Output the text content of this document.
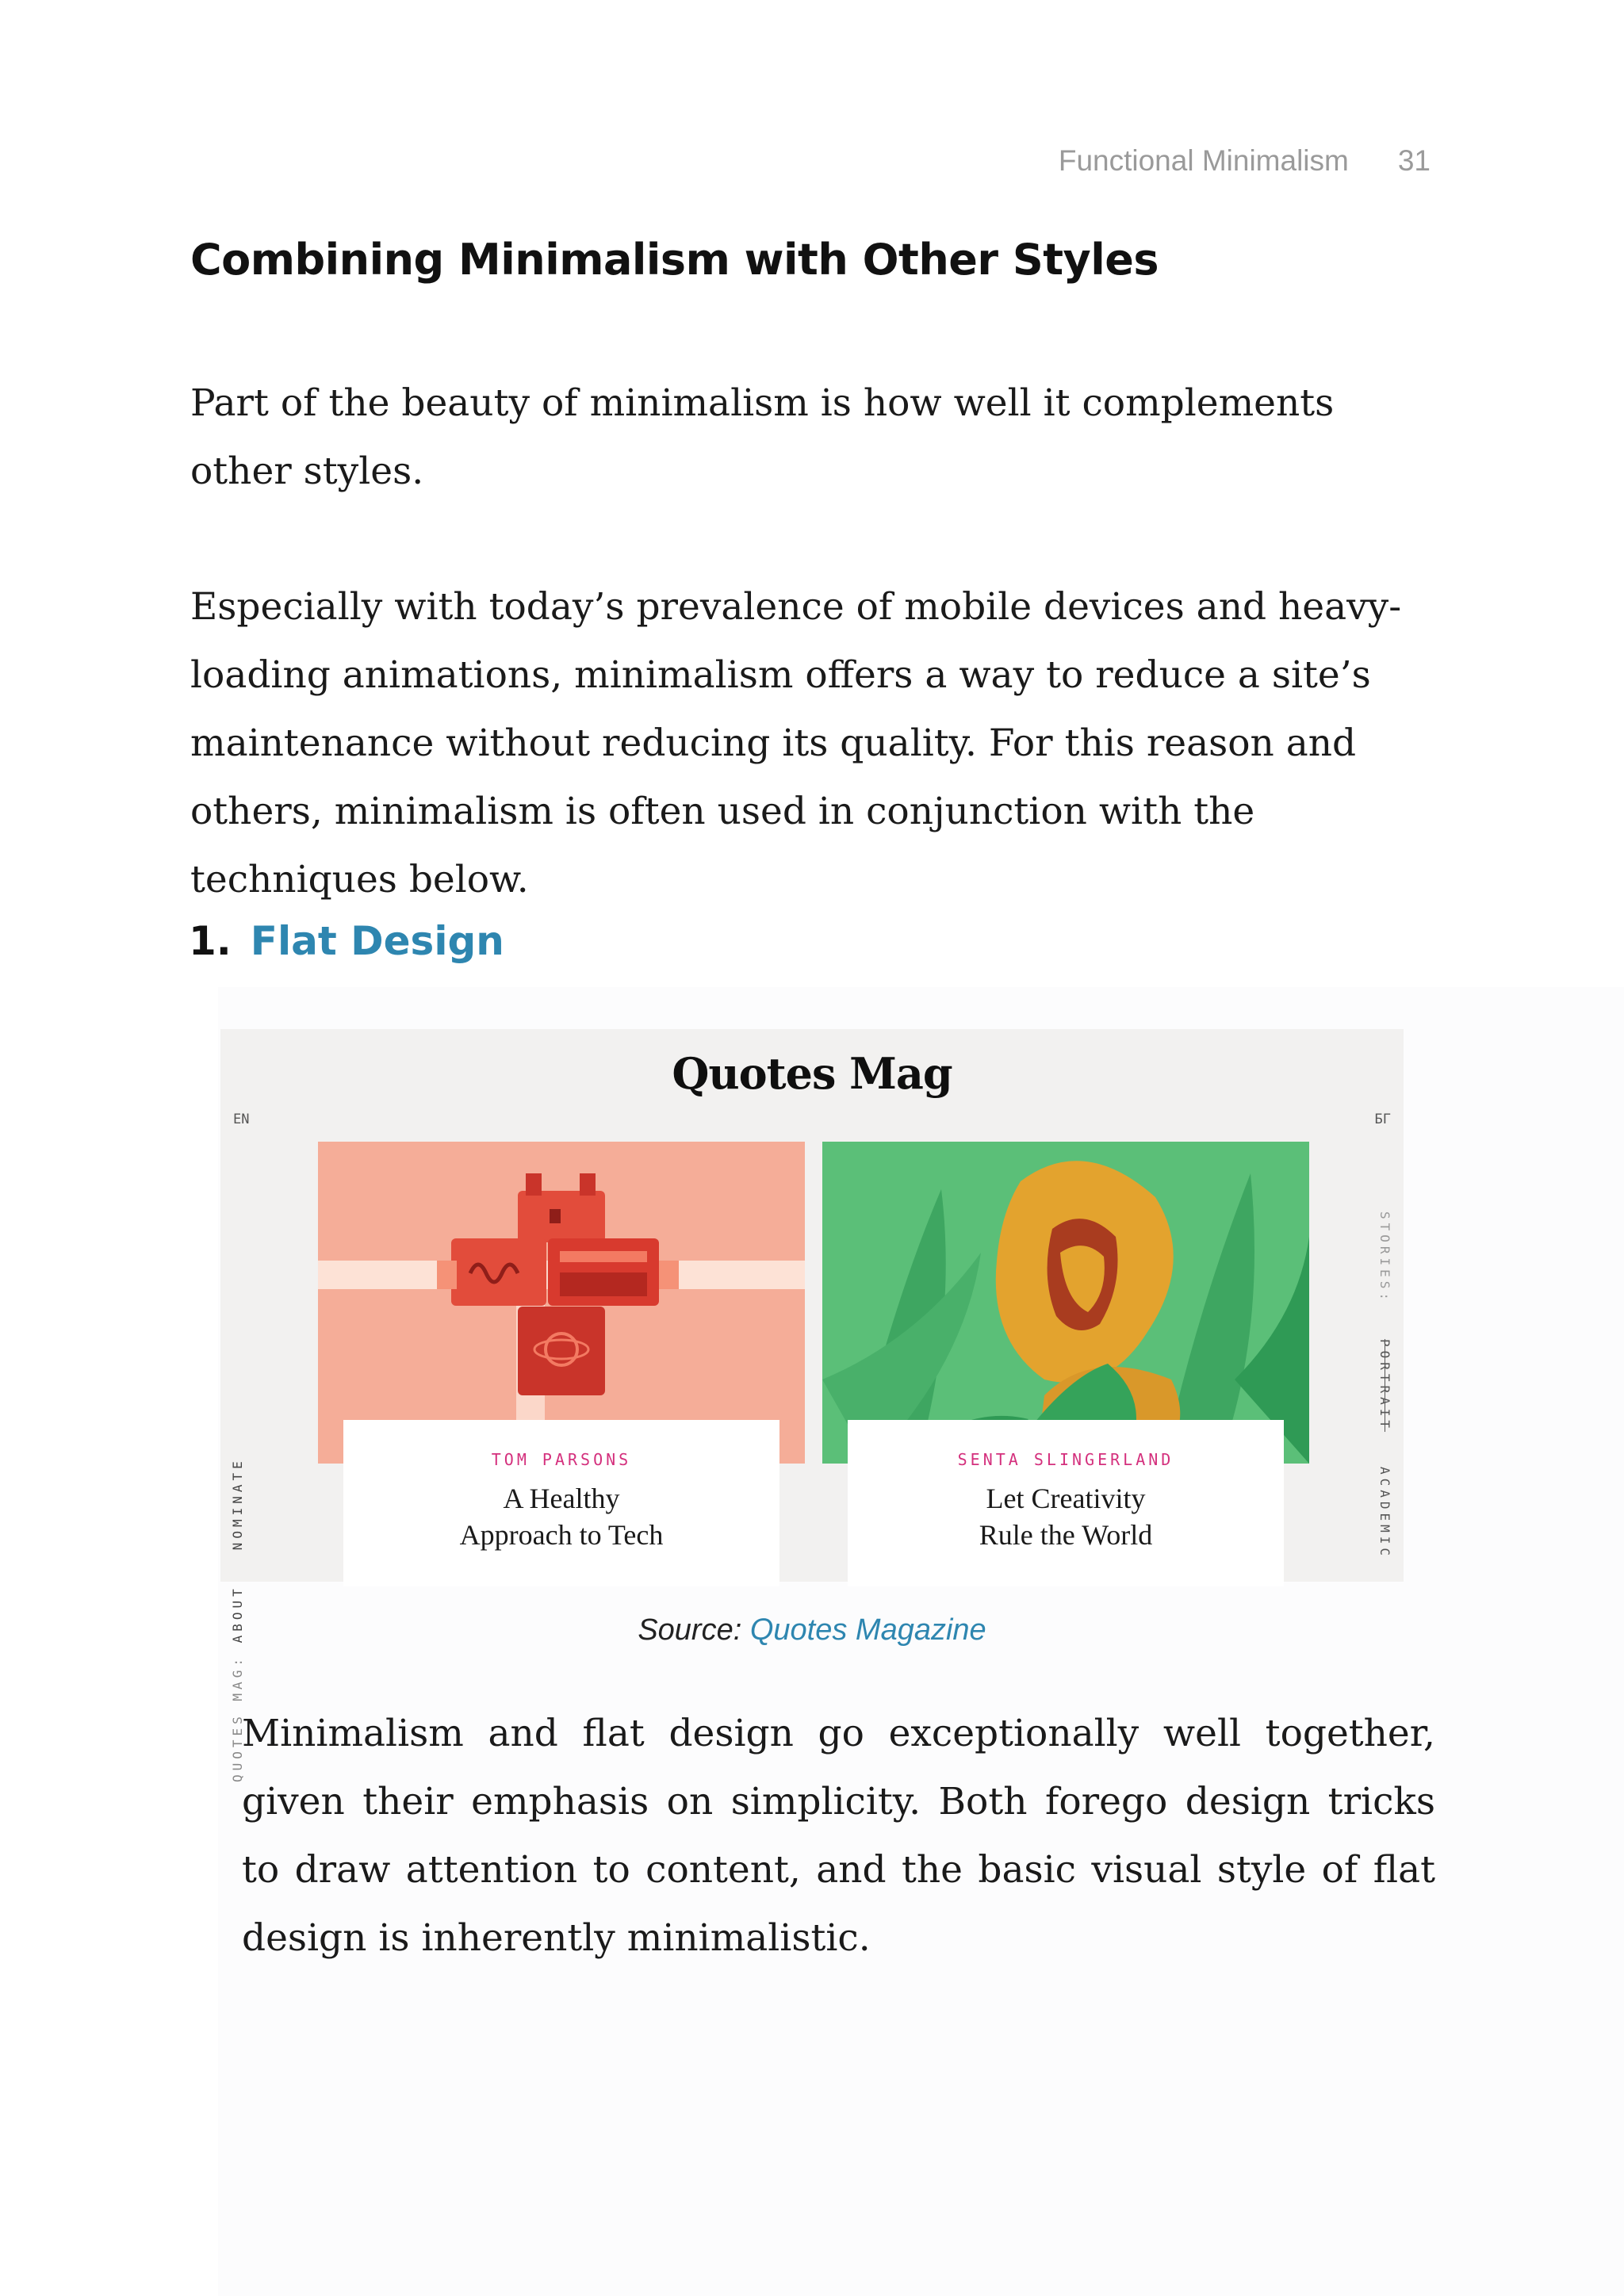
Functional Minimalism 31
Combining Minimalism with Other Styles

Part of the beauty of minimalism is how well it complements other styles.

Especially with today’s prevalence of mobile devices and heavy-loading animations, minimalism offers a way to reduce a site’s maintenance without reducing its quality. For this reason and others, minimalism is often used in conjunction with the techniques below.

1. Flat Design
Quotes Mag
EN	БГ
QUOTES MAG: ABOUT   NOMINATE
STORIES:   PORTRAIT   ACADEMIC
TOM PARSONS
A Healthy
Approach to Tech
SENTA SLINGERLAND
Let Creativity
Rule the World
Source: Quotes Magazine

Minimalism and flat design go exceptionally well together, given their emphasis on simplicity. Both forego design tricks to draw attention to content, and the basic visual style of flat design is inherently minimalistic.
